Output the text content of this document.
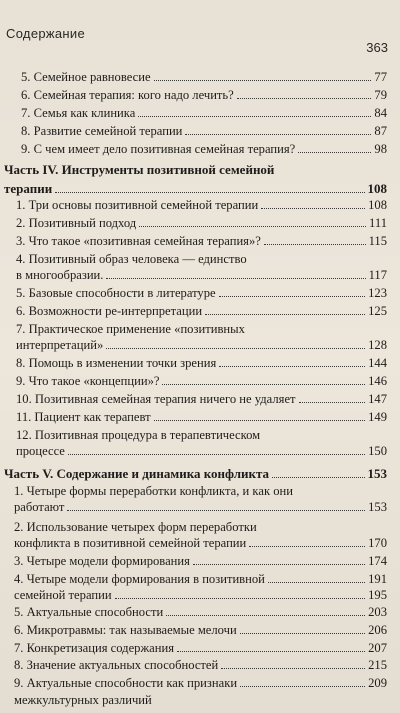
Содержание
363
5. Семейное равновесие	77
6. Семейная терапия: кого надо лечить?	79
7. Семья как клиника	84
8. Развитие семейной терапии	87
9. С чем имеет дело позитивная семейная терапия?	98
Часть IV. Инструменты позитивной семейной
терапии	108
1. Три основы позитивной семейной терапии	108
2. Позитивный подход	111
3. Что такое «позитивная семейная терапия»?	115
4. Позитивный образ человека — единство
в многообразии.	117
5. Базовые способности в литературе	123
6. Возможности ре-интерпретации	125
7. Практическое применение «позитивных
интерпретаций»	128
8. Помощь в изменении точки зрения	144
9. Что такое «концепции»?	146
10. Позитивная семейная терапия ничего не удаляет	147
11. Пациент как терапевт	149
12. Позитивная процедура в терапевтическом
процессе	150
Часть V. Содержание и динамика конфликта	153
1. Четыре формы переработки конфликта, и как они
работают	153
2. Использование четырех форм переработки
конфликта в позитивной семейной терапии	170
3. Четыре модели формирования	174
4. Четыре модели формирования в позитивной	191
семейной терапии	195
5. Актуальные способности	203
6. Микротравмы: так называемые мелочи	206
7. Конкретизация содержания	207
8. Значение актуальных способностей	215
9. Актуальные способности как признаки	209
межкультурных различий
